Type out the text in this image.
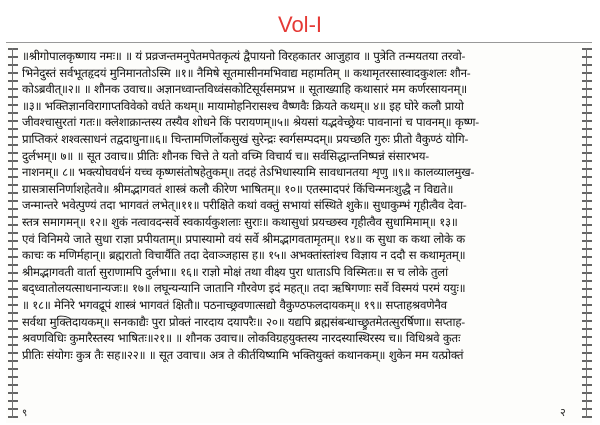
Vol-I
॥श्रीगोपालकृष्णाय नमः॥ ॥ यं प्रव्रजन्तमनुपेतमपेतकृत्यं द्वैपायनो विरहकातर आजुहाव ॥ पुत्रेति तन्मयतया तरवो-
भिनेदुस्तं सर्वभूतहृदयं मुनिमानतोऽस्मि ॥१॥ नैमिषे सूतमासीनमभिवाद्य महामतिम् ॥ कथामृतरसास्वादकुशलः शौन-
कोऽब्रवीत्॥२॥ ॥ शौनक उवाच॥ अज्ञानध्वान्तविध्वंसकोटिसूर्यसमप्रभ ॥ सूताख्याहि कथासारं मम कर्णरसायनम्॥
॥३॥ भक्तिज्ञानविरागाप्तविवेको वर्धते कथम्॥ मायामोहनिरासश्च वैष्णवैः क्रियते कथम्॥ ४॥ इह घोरे कलौ प्रायो
जीवश्चासुरतां गतः॥ क्लेशाक्रान्तस्य तस्यैव शोधने किं परायणम्॥५॥ श्रेयसां यद्भवेच्छ्रेयः पावनानां च पावनम्॥ कृष्ण-
प्राप्तिकरं शश्वत्साधनं तद्वदाधुना॥६॥ चिन्तामणिर्लोकसुखं सुरेन्द्रः स्वर्गसम्पदम्॥ प्रयच्छति गुरुः प्रीतो वैकुण्ठं योगि-
दुर्लभम्॥ ७॥ ॥ सूत उवाच॥ प्रीतिः शौनक चित्ते ते यतो वच्मि विचार्य च॥ सर्वसिद्धान्तनिष्पन्नं संसारभय-
नाशनम्॥ ८॥ भक्त्योघवर्धनं यच्च कृष्णसंतोषहेतुकम्॥ तदहं तेऽभिधास्यामि सावधानतया शृणु ॥९॥ कालव्यालमुख-
ग्रासत्रासनिर्णाशहेतवे॥ श्रीमद्भागवतं शास्त्रं कलौ कीरेण भाषितम्॥ १०॥ एतस्मादपरं किंचिन्मनःशुद्धै न विद्यते॥
जन्मान्तरे भवेत्पुण्यं तदा भागवतं लभेत्॥११॥ परीक्षिते कथां वक्तुं सभायां संस्थिते शुके॥ सुधाकुम्भं गृहीत्वैव देवा-
स्तत्र समागमन्॥ १२॥ शुकं नत्वावदन्सर्वे स्वकार्यकुशलाः सुराः॥ कथासुधां प्रयच्छस्व गृहीत्वैव सुधामिमाम्॥ १३॥
एवं विनिमये जाते सुधा राज्ञा प्रपीयताम्॥ प्रपास्यामो वयं सर्वे श्रीमद्भागवतामृतम्॥ १४॥ क सुधा क कथा लोके क
काचः क मणिर्महान्॥ ब्रह्मरातो विचार्यैति तदा देवाञ्जहास ह॥ १५॥ अभक्तांस्तांश्च विज्ञाय न ददौ स कथामृतम्॥
श्रीमद्भागवती वार्ता सुराणामपि दुर्लभा॥ १६॥ राज्ञो मोक्षं तथा वीक्ष्य पुरा धाताऽपि विस्मितः॥ स च लोके तुलां
बद्ध्वातोलयत्साधनान्यजः॥ १७॥ लघून्यन्यानि जातानि गौरवेण इदं महत्॥ तदा ऋषिगणाः सर्वे विस्मयं परमं ययुः॥
॥ १८॥ मेनिरे भगवद्रूपं शास्त्रं भागवतं क्षितौ॥ पठनाच्छ्रवणात्सद्यो वैकुण्ठफलदायकम्॥ १९॥ सप्ताहश्रवणेनैव
सर्वथा मुक्तिदायकम्॥ सनकाद्यैः पुरा प्रोक्तं नारदाय दयापरैः॥ २०॥ यद्यपि ब्रह्मसंबन्धाच्छ्रुतमेतत्सुरर्षिणा॥ सप्ताह-
श्रवणविधिः कुमारैस्तस्य भाषितः॥२१॥ ॥ शौनक उवाच॥ लोकविग्रहयुक्तस्य नारदस्यास्थिरस्य च॥ विधिश्रवे कुतः
प्रीतिः संयोगः कुत्र तैः सह॥२२॥ ॥ सूत उवाच॥ अत्र ते कीर्तयिष्यामि भक्तियुक्तं कथानकम्॥ शुकेन मम यत्प्रोक्तं
९	२
